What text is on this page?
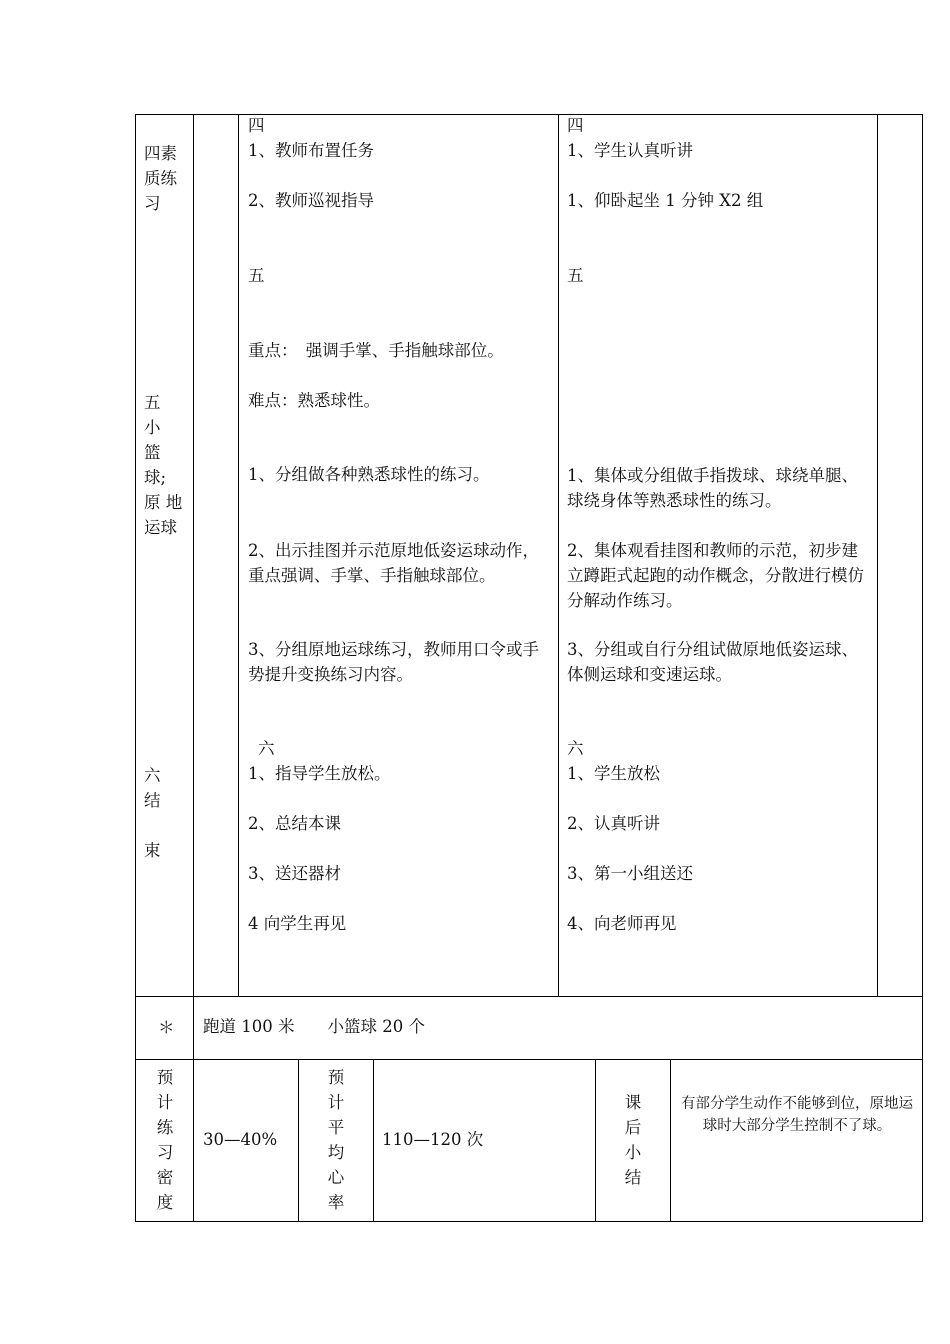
四素
质练
习
五
小
篮
球;
原 地
运球
六
结
束
四
1、教师布置任务
2、教师巡视指导
五
重点：　强调手掌、手指触球部位。
难点：熟悉球性。
1、分组做各种熟悉球性的练习。
2、出示挂图并示范原地低姿运球动作，重点强调、手掌、手指触球部位。
3、分组原地运球练习，教师用口令或手势提升变换练习内容。
六
1、指导学生放松。
2、总结本课
3、送还器材
4 向学生再见
四
1、学生认真听讲
1、仰卧起坐 1 分钟 X2 组
五
1、集体或分组做手指拨球、球绕单腿、球绕身体等熟悉球性的练习。
2、集体观看挂图和教师的示范，初步建立蹲距式起跑的动作概念，分散进行模仿分解动作练习。
3、分组或自行分组试做原地低姿运球、体侧运球和变速运球。
六
1、学生放松
2、认真听讲
3、第一小组送还
4、向老师再见
＊ 跑道 100 米　　小篮球 20 个
预
计
练
习
密
度
30—40%
预
计
平
均
心
率
110—120 次
课
后
小
结
有部分学生动作不能够到位，原地运球时大部分学生控制不了球。
